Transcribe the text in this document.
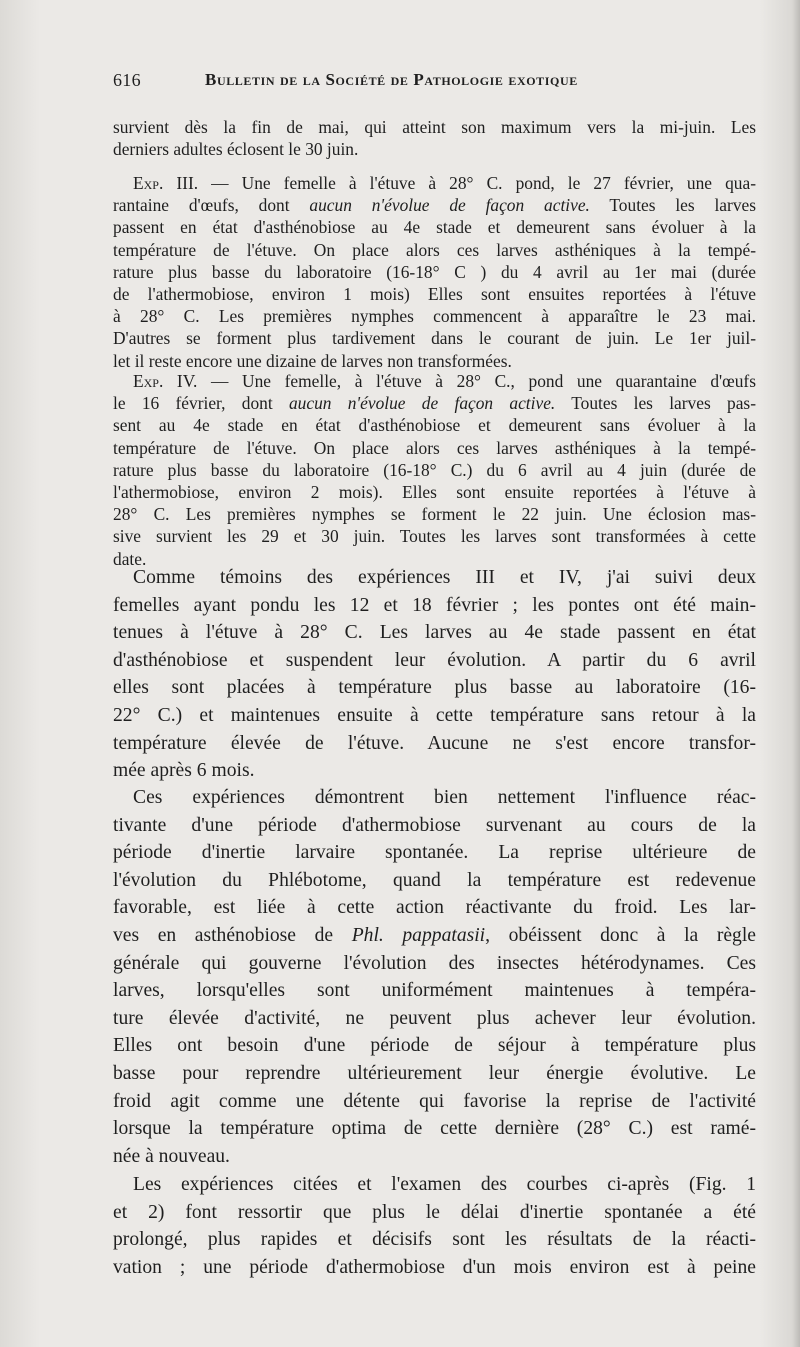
616	Bulletin de la Société de Pathologie exotique

survient dès la fin de mai, qui atteint son maximum vers la mi-juin. Les

derniers adultes éclosent le 30 juin.

Exp. III. — Une femelle à l'étuve à 28° C. pond, le 27 février, une qua-

rantaine d'œufs, dont aucun n'évolue de façon active. Toutes les larves

passent en état d'asthénobiose au 4e stade et demeurent sans évoluer à la

température de l'étuve. On place alors ces larves asthéniques à la tempé-

rature plus basse du laboratoire (16-18° C ) du 4 avril au 1er mai (durée

de l'athermobiose, environ 1 mois) Elles sont ensuites reportées à l'étuve

à 28° C. Les premières nymphes commencent à apparaître le 23 mai.

D'autres se forment plus tardivement dans le courant de juin. Le 1er juil-

let il reste encore une dizaine de larves non transformées.

Exp. IV. — Une femelle, à l'étuve à 28° C., pond une quarantaine d'œufs

le 16 février, dont aucun n'évolue de façon active. Toutes les larves pas-

sent au 4e stade en état d'asthénobiose et demeurent sans évoluer à la

température de l'étuve. On place alors ces larves asthéniques à la tempé-

rature plus basse du laboratoire (16-18° C.) du 6 avril au 4 juin (durée de

l'athermobiose, environ 2 mois). Elles sont ensuite reportées à l'étuve à

28° C. Les premières nymphes se forment le 22 juin. Une éclosion mas-

sive survient les 29 et 30 juin. Toutes les larves sont transformées à cette

date.

Comme témoins des expériences III et IV, j'ai suivi deux

femelles ayant pondu les 12 et 18 février ; les pontes ont été main-

tenues à l'étuve à 28° C. Les larves au 4e stade passent en état

d'asthénobiose et suspendent leur évolution. A partir du 6 avril

elles sont placées à température plus basse au laboratoire (16-

22° C.) et maintenues ensuite à cette température sans retour à la

température élevée de l'étuve. Aucune ne s'est encore transfor-

mée après 6 mois.

Ces expériences démontrent bien nettement l'influence réac-

tivante d'une période d'athermobiose survenant au cours de la

période d'inertie larvaire spontanée. La reprise ultérieure de

l'évolution du Phlébotome, quand la température est redevenue

favorable, est liée à cette action réactivante du froid. Les lar-

ves en asthénobiose de Phl. pappatasii, obéissent donc à la règle

générale qui gouverne l'évolution des insectes hétérodynames. Ces

larves, lorsqu'elles sont uniformément maintenues à tempéra-

ture élevée d'activité, ne peuvent plus achever leur évolution.

Elles ont besoin d'une période de séjour à température plus

basse pour reprendre ultérieurement leur énergie évolutive. Le

froid agit comme une détente qui favorise la reprise de l'activité

lorsque la température optima de cette dernière (28° C.) est ramé-

née à nouveau.

Les expériences citées et l'examen des courbes ci-après (Fig. 1

et 2) font ressortir que plus le délai d'inertie spontanée a été

prolongé, plus rapides et décisifs sont les résultats de la réacti-

vation ; une période d'athermobiose d'un mois environ est à peine
